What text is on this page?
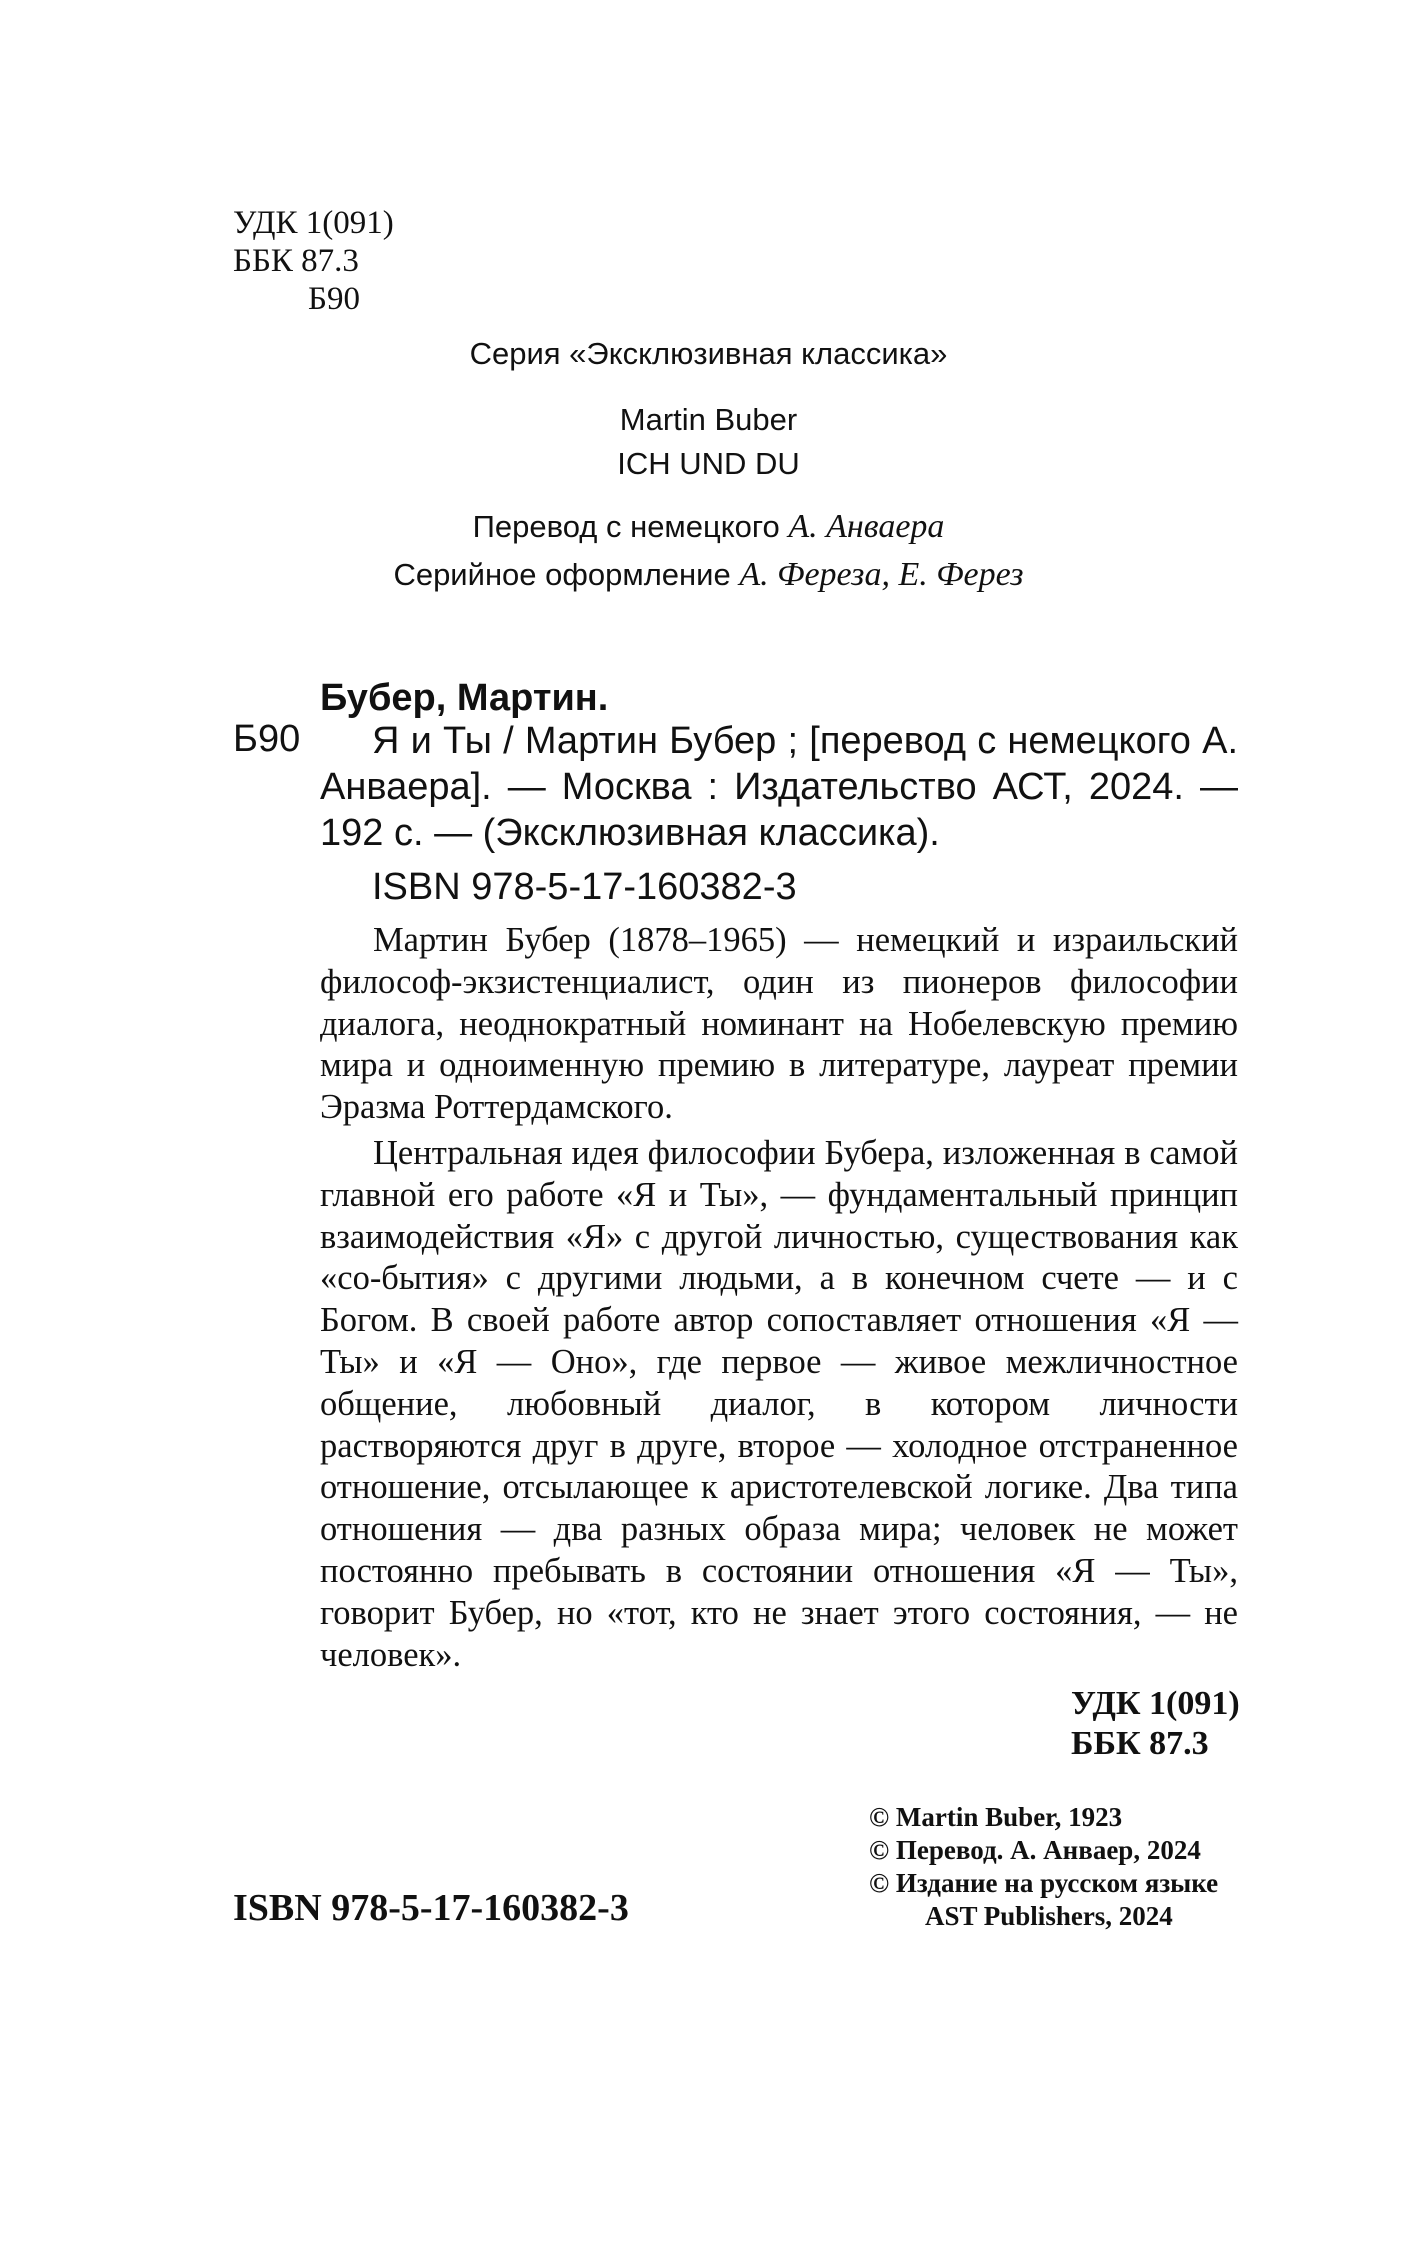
УДК 1(091)
ББК 87.3
Б90
Серия «Эксклюзивная классика»
Martin Buber
ICH UND DU
Перевод с немецкого А. Анваера
Серийное оформление А. Фереза, Е. Ферез
Бубер, Мартин.
Б90	Я и Ты / Мартин Бубер ; [перевод с немецкого А. Анваера]. — Москва : Издательство АСТ, 2024. — 192 с. — (Эксклюзивная классика).
ISBN 978-5-17-160382-3
Мартин Бубер (1878–1965) — немецкий и израильский философ-экзистенциалист, один из пионеров философии диалога, неоднократный номинант на Нобелевскую премию мира и одноименную премию в литературе, лауреат премии Эразма Роттердамского.
Центральная идея философии Бубера, изложенная в самой главной его работе «Я и Ты», — фундаментальный принцип взаимодействия «Я» с другой личностью, существования как «со-бытия» с другими людьми, а в конечном счете — и с Богом. В своей работе автор сопоставляет отношения «Я — Ты» и «Я — Оно», где первое — живое межличностное общение, любовный диалог, в котором личности растворяются друг в друге, второе — холодное отстраненное отношение, отсылающее к аристотелевской логике. Два типа отношения — два разных образа мира; человек не может постоянно пребывать в состоянии отношения «Я — Ты», говорит Бубер, но «тот, кто не знает этого состояния, — не человек».
УДК 1(091)
ББК 87.3
© Martin Buber, 1923
© Перевод. А. Анваер, 2024
© Издание на русском языке
AST Publishers, 2024
ISBN 978-5-17-160382-3
